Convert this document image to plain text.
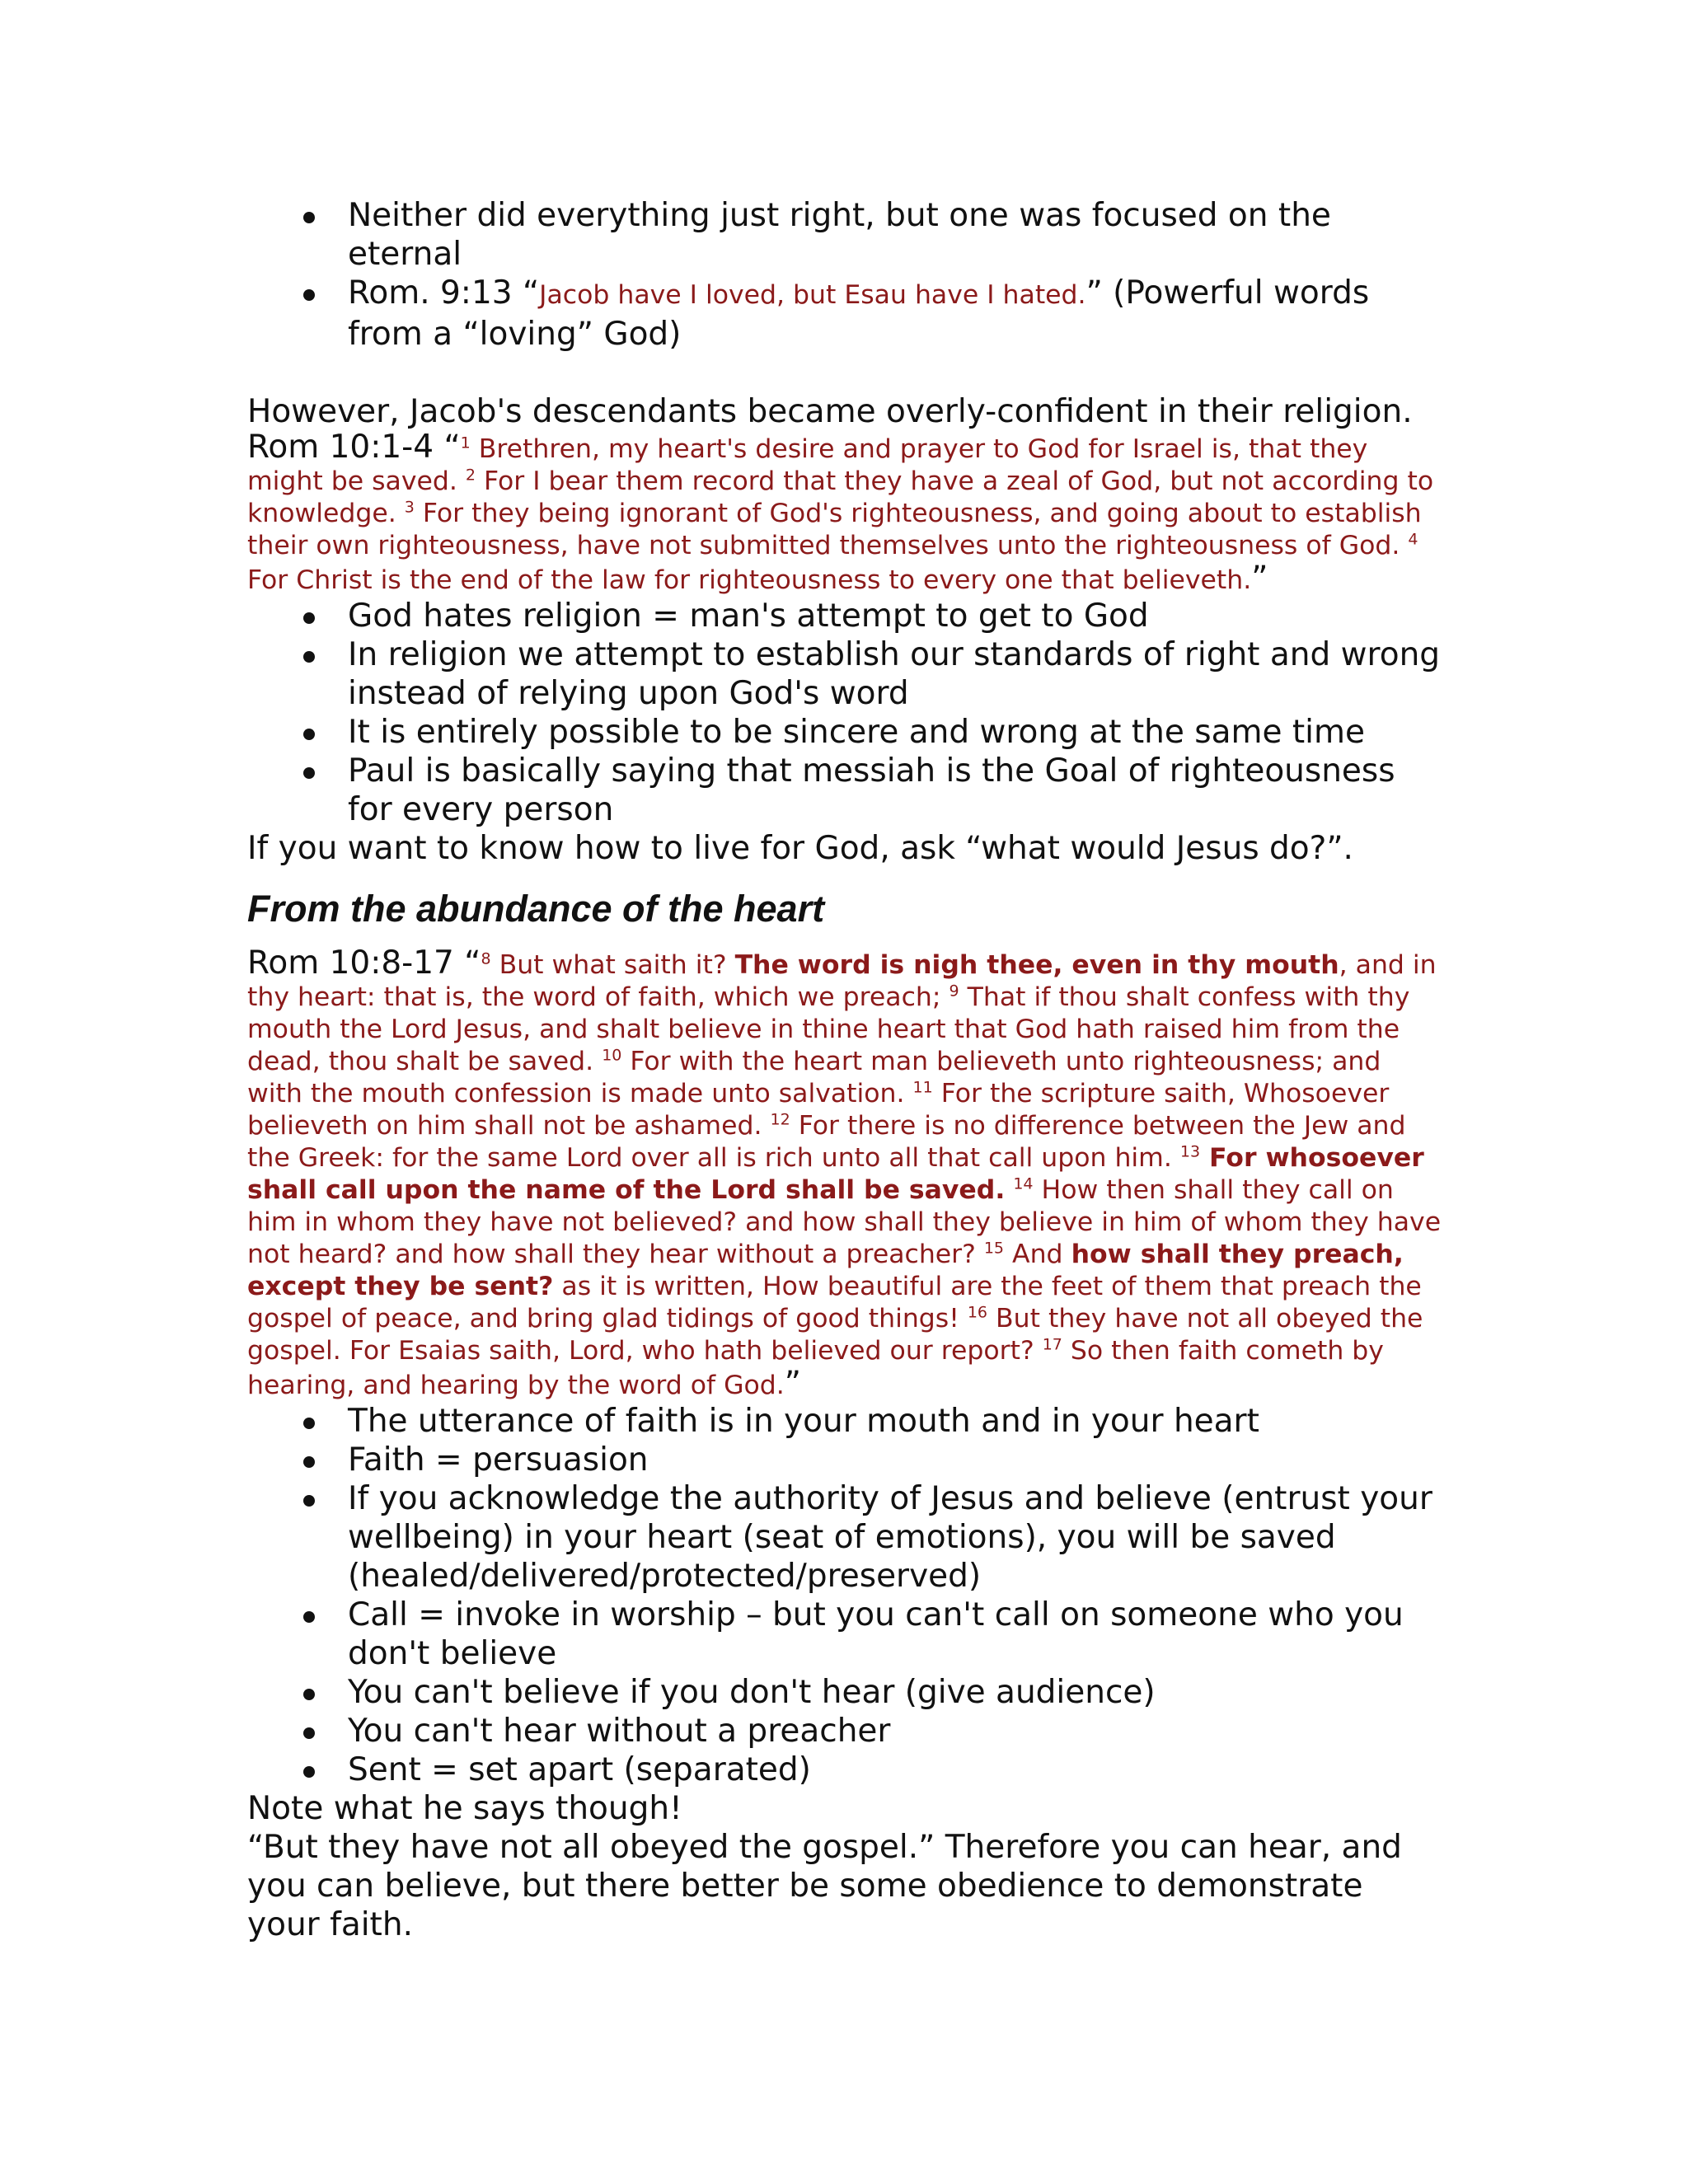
Neither did everything just right, but one was focused on the eternal
Rom. 9:13 “Jacob have I loved, but Esau have I hated.” (Powerful words from a “loving” God)

However, Jacob's descendants became overly-confident in their religion.

Rom 10:1-4 “$^1$ Brethren, my heart's desire and prayer to God for Israel is, that they might be saved. $^2$ For I bear them record that they have a zeal of God, but not according to knowledge. $^3$ For they being ignorant of God's righteousness, and going about to establish their own righteousness, have not submitted themselves unto the righteousness of God. $^4$ For Christ is the end of the law for righteousness to every one that believeth.”

God hates religion = man's attempt to get to God
In religion we attempt to establish our standards of right and wrong instead of relying upon God's word
It is entirely possible to be sincere and wrong at the same time
Paul is basically saying that messiah is the Goal of righteousness for every person

If you want to know how to live for God, ask “what would Jesus do?”.

From the abundance of the heart

Rom 10:8-17 “$^8$ But what saith it? The word is nigh thee, even in thy mouth, and in thy heart: that is, the word of faith, which we preach; $^9$ That if thou shalt confess with thy mouth the Lord Jesus, and shalt believe in thine heart that God hath raised him from the dead, thou shalt be saved. $^{10}$ For with the heart man believeth unto righteousness; and with the mouth confession is made unto salvation. $^{11}$ For the scripture saith, Whosoever believeth on him shall not be ashamed. $^{12}$ For there is no difference between the Jew and the Greek: for the same Lord over all is rich unto all that call upon him. $^{13}$ For whosoever shall call upon the name of the Lord shall be saved. $^{14}$ How then shall they call on him in whom they have not believed? and how shall they believe in him of whom they have not heard? and how shall they hear without a preacher? $^{15}$ And how shall they preach, except they be sent? as it is written, How beautiful are the feet of them that preach the gospel of peace, and bring glad tidings of good things! $^{16}$ But they have not all obeyed the gospel. For Esaias saith, Lord, who hath believed our report? $^{17}$ So then faith cometh by hearing, and hearing by the word of God.”

The utterance of faith is in your mouth and in your heart
Faith = persuasion
If you acknowledge the authority of Jesus and believe (entrust your wellbeing) in your heart (seat of emotions), you will be saved (healed/delivered/protected/preserved)
Call = invoke in worship – but you can't call on someone who you don't believe
You can't believe if you don't hear (give audience)
You can't hear without a preacher
Sent = set apart (separated)

Note what he says though!

“But they have not all obeyed the gospel.” Therefore you can hear, and you can believe, but there better be some obedience to demonstrate your faith.
